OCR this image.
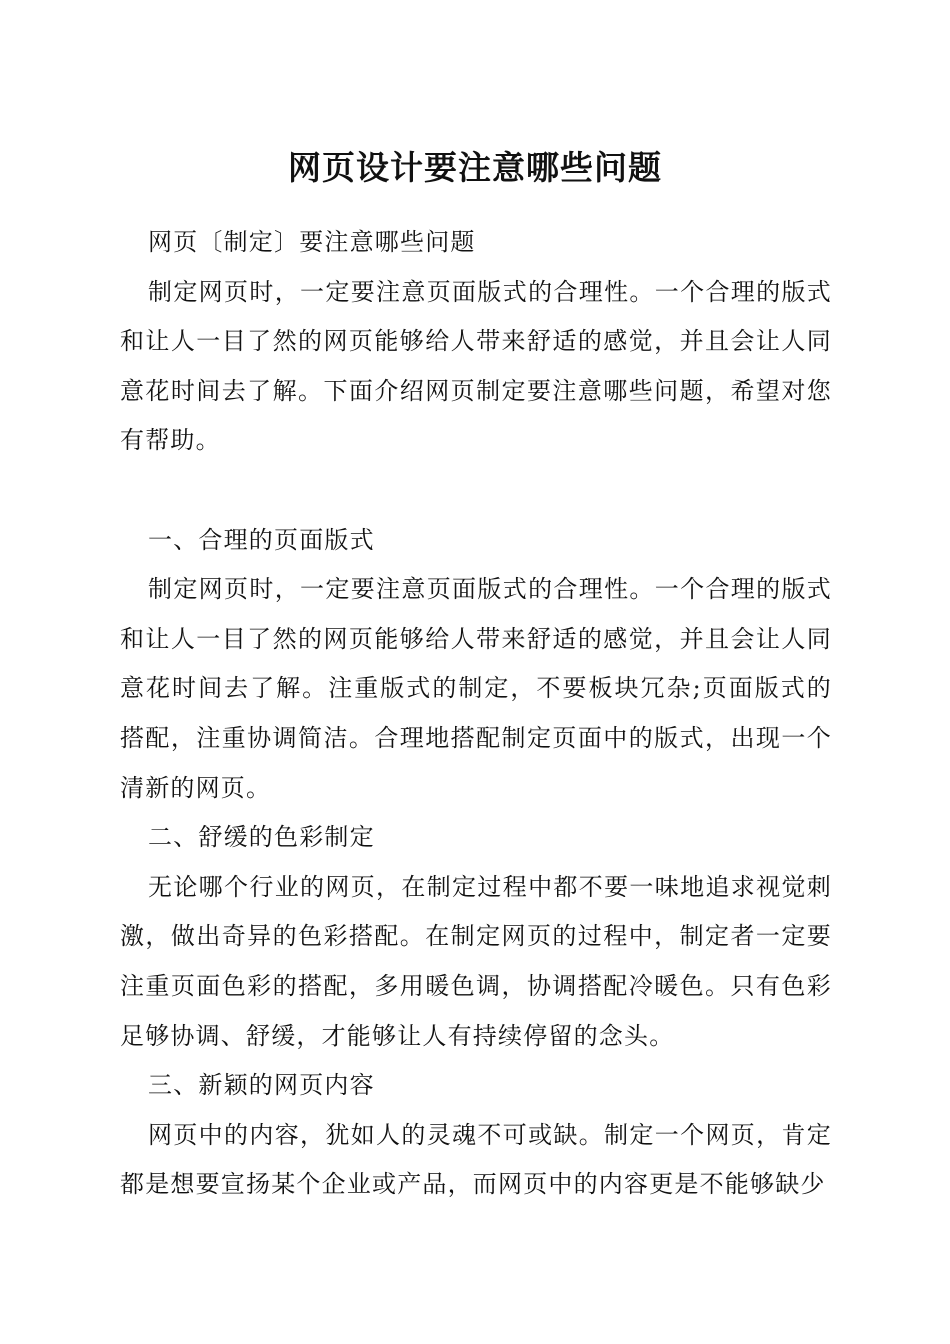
网页设计要注意哪些问题

网页〔制定〕要注意哪些问题

制定网页时，一定要注意页面版式的合理性。一个合理的版式和让人一目了然的网页能够给人带来舒适的感觉，并且会让人同意花时间去了解。下面介绍网页制定要注意哪些问题，希望对您有帮助。

一、合理的页面版式

制定网页时，一定要注意页面版式的合理性。一个合理的版式和让人一目了然的网页能够给人带来舒适的感觉，并且会让人同意花时间去了解。注重版式的制定，不要板块冗杂;页面版式的搭配，注重协调简洁。合理地搭配制定页面中的版式，出现一个清新的网页。

二、舒缓的色彩制定

无论哪个行业的网页，在制定过程中都不要一味地追求视觉刺激，做出奇异的色彩搭配。在制定网页的过程中，制定者一定要注重页面色彩的搭配，多用暖色调，协调搭配冷暖色。只有色彩足够协调、舒缓，才能够让人有持续停留的念头。

三、新颖的网页内容

网页中的内容，犹如人的灵魂不可或缺。制定一个网页，肯定都是想要宣扬某个企业或产品，而网页中的内容更是不能够缺少
